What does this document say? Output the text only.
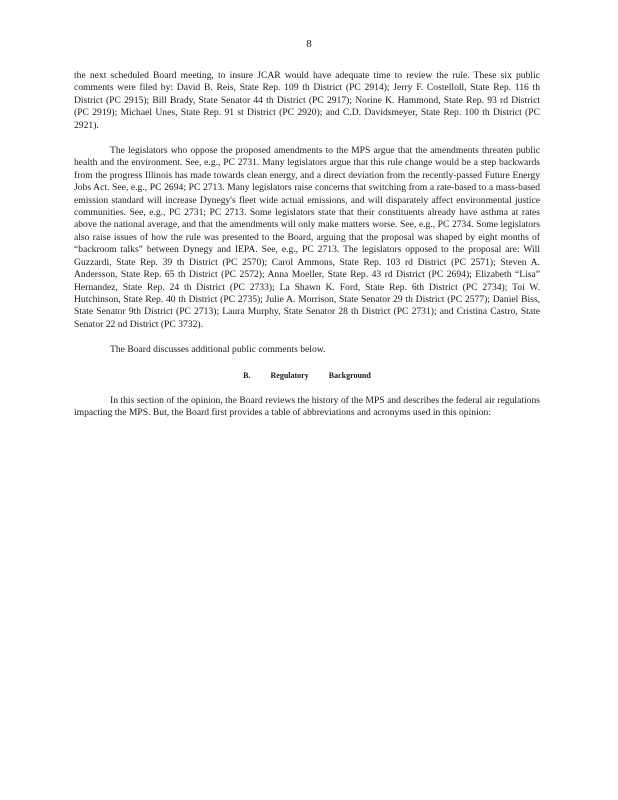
8

the next scheduled Board meeting, to insure JCAR would have adequate time to review the rule. These six public comments were filed by: David B. Reis, State Rep. 109 th District (PC 2914); Jerry F. Costelloll, State Rep. 116 th District (PC 2915); Bill Brady, State Senator 44 th District (PC 2917); Norine K. Hammond, State Rep. 93 rd District (PC 2919); Michael Unes, State Rep. 91 st District (PC 2920); and C.D. Davidsmeyer, State Rep. 100 th District (PC 2921).

The legislators who oppose the proposed amendments to the MPS argue that the amendments threaten public health and the environment. See, e.g., PC 2731. Many legislators argue that this rule change would be a step backwards from the progress Illinois has made towards clean energy, and a direct deviation from the recently-passed Future Energy Jobs Act. See, e.g., PC 2694; PC 2713. Many legislators raise concerns that switching from a rate-based to a mass-based emission standard will increase Dynegy's fleet wide actual emissions, and will disparately affect environmental justice communities. See, e.g., PC 2731; PC 2713. Some legislators state that their constituents already have asthma at rates above the national average, and that the amendments will only make matters worse. See, e.g., PC 2734. Some legislators also raise issues of how the rule was presented to the Board, arguing that the proposal was shaped by eight months of “backroom talks” between Dynegy and IEPA. See, e.g., PC 2713. The legislators opposed to the proposal are: Will Guzzardi, State Rep. 39 th District (PC 2570); Carol Ammons, State Rep. 103 rd District (PC 2571); Steven A. Andersson, State Rep. 65 th District (PC 2572); Anna Moeller, State Rep. 43 rd District (PC 2694); Elizabeth “Lisa” Hernandez, State Rep. 24 th District (PC 2733); La Shawn K. Ford, State Rep. 6th District (PC 2734); Toi W. Hutchinson, State Rep. 40 th District (PC 2735); Julie A. Morrison, State Senator 29 th District (PC 2577); Daniel Biss, State Senator 9th District (PC 2713); Laura Murphy, State Senator 28 th District (PC 2731); and Cristina Castro, State Senator 22 nd District (PC 3732).

The Board discusses additional public comments below.

B.	Regulatory	Background

In this section of the opinion, the Board reviews the history of the MPS and describes the federal air regulations impacting the MPS. But, the Board first provides a table of abbreviations and acronyms used in this opinion:
